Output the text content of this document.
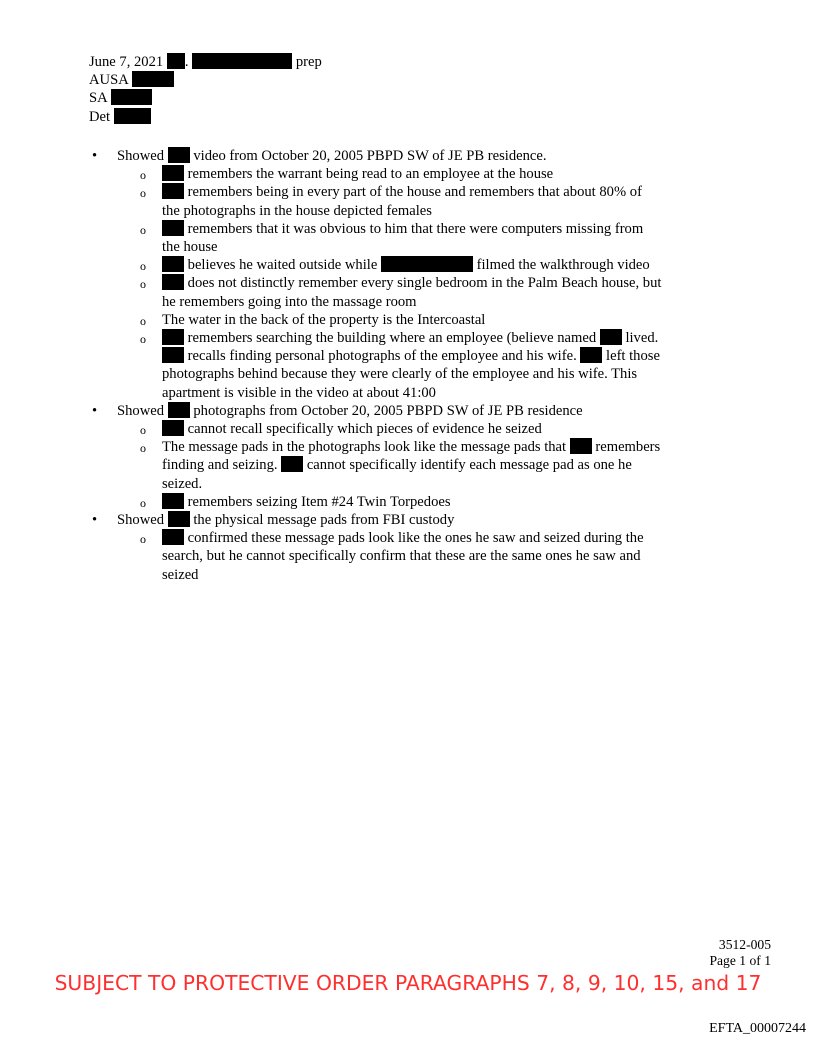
June 7, 2021 .	prep
AUSA
SA
Det
• Showed video from October 20, 2005 PBPD SW of JE PB residence.
o	remembers the warrant being read to an employee at the house
o	remembers being in every part of the house and remembers that about 80% of the photographs in the house depicted females
o	remembers that it was obvious to him that there were computers missing from the house
o	believes he waited outside while	filmed the walkthrough video
o	does not distinctly remember every single bedroom in the Palm Beach house, but he remembers going into the massage room
o The water in the back of the property is the Intercoastal
o	remembers searching the building where an employee (believe named lived.  recalls finding personal photographs of the employee and his wife. left those photographs behind because they were clearly of the employee and his wife. This apartment is visible in the video at about 41:00
• Showed photographs from October 20, 2005 PBPD SW of JE PB residence
o	cannot recall specifically which pieces of evidence he seized
o The message pads in the photographs look like the message pads that remembers finding and seizing. cannot specifically identify each message pad as one he seized.
o	remembers seizing Item #24 Twin Torpedoes
• Showed the physical message pads from FBI custody
o	confirmed these message pads look like the ones he saw and seized during the search, but he cannot specifically confirm that these are the same ones he saw and seized
3512-005
Page 1 of 1
SUBJECT TO PROTECTIVE ORDER PARAGRAPHS 7, 8, 9, 10, 15, and 17
EFTA_00007244
